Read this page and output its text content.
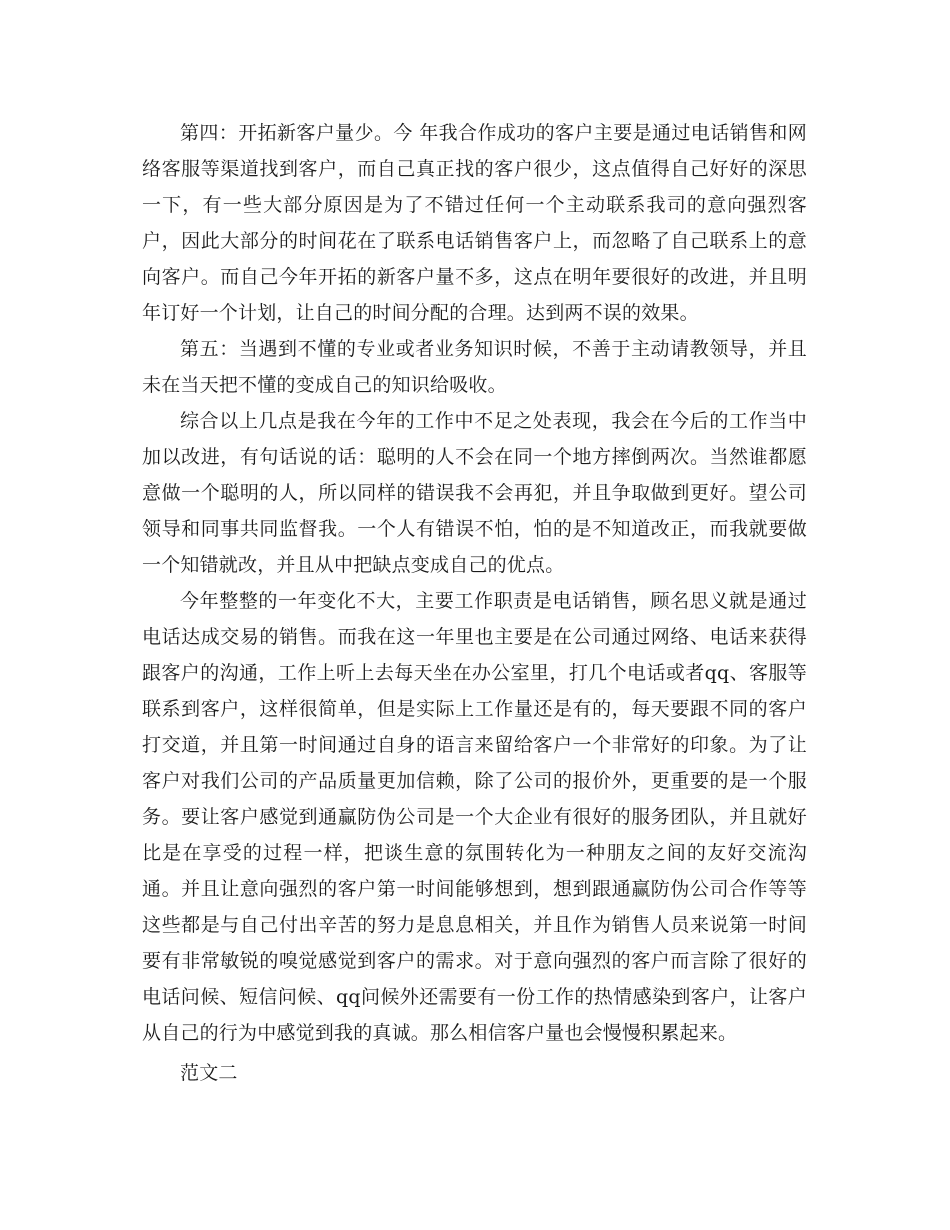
第四：开拓新客户量少。今 年我合作成功的客户主要是通过电话销售和网络客服等渠道找到客户，而自己真正找的客户很少，这点值得自己好好的深思一下，有一些大部分原因是为了不错过任何一个主动联系我司的意向强烈客户，因此大部分的时间花在了联系电话销售客户上，而忽略了自己联系上的意向客户。而自己今年开拓的新客户量不多，这点在明年要很好的改进，并且明年订好一个计划，让自己的时间分配的合理。达到两不误的效果。

第五：当遇到不懂的专业或者业务知识时候，不善于主动请教领导，并且未在当天把不懂的变成自己的知识给吸收。

综合以上几点是我在今年的工作中不足之处表现，我会在今后的工作当中加以改进，有句话说的话：聪明的人不会在同一个地方摔倒两次。当然谁都愿意做一个聪明的人，所以同样的错误我不会再犯，并且争取做到更好。望公司领导和同事共同监督我。一个人有错误不怕，怕的是不知道改正，而我就要做一个知错就改，并且从中把缺点变成自己的优点。

今年整整的一年变化不大，主要工作职责是电话销售，顾名思义就是通过电话达成交易的销售。而我在这一年里也主要是在公司通过网络、电话来获得跟客户的沟通，工作上听上去每天坐在办公室里，打几个电话或者qq、客服等联系到客户，这样很简单，但是实际上工作量还是有的，每天要跟不同的客户打交道，并且第一时间通过自身的语言来留给客户一个非常好的印象。为了让客户对我们公司的产品质量更加信赖，除了公司的报价外，更重要的是一个服务。要让客户感觉到通赢防伪公司是一个大企业有很好的服务团队，并且就好比是在享受的过程一样，把谈生意的氛围转化为一种朋友之间的友好交流沟通。并且让意向强烈的客户第一时间能够想到，想到跟通赢防伪公司合作等等这些都是与自己付出辛苦的努力是息息相关，并且作为销售人员来说第一时间要有非常敏锐的嗅觉感觉到客户的需求。对于意向强烈的客户而言除了很好的电话问候、短信问候、qq问候外还需要有一份工作的热情感染到客户，让客户从自己的行为中感觉到我的真诚。那么相信客户量也会慢慢积累起来。

范文二
